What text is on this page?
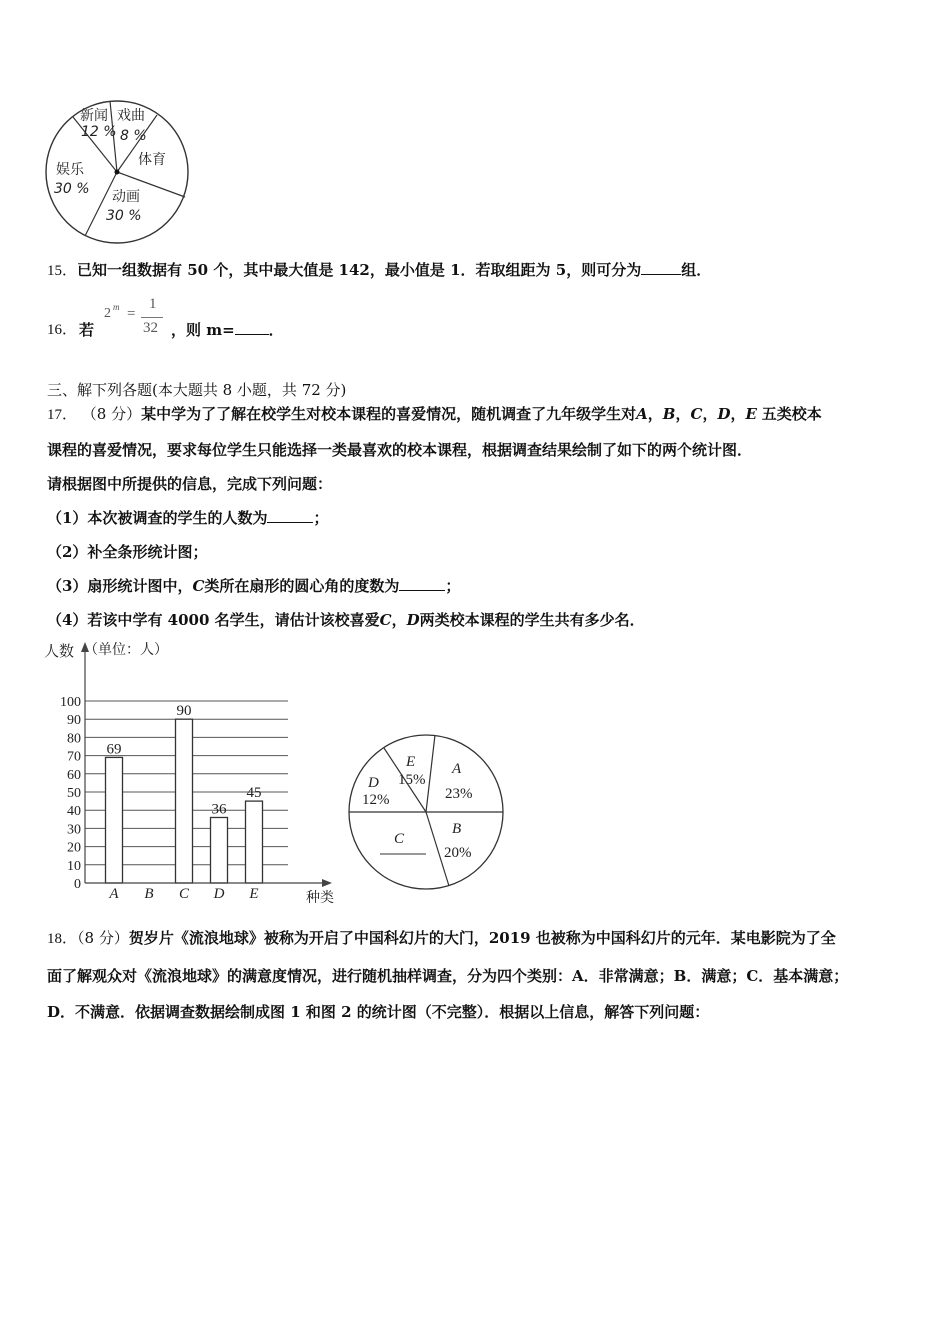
新闻
12 %
戏曲
8 %
体育
动画
30 %
娱乐
30 %
15．已知一组数据有 50 个，其中最大值是 142，最小值是 1．若取组距为 5，则可分为	组．
16． 若
2 m =
1
32 ，则 m= ．
三、解下列各题(本大题共 8 小题，共 72 分)
17． （8 分）某中学为了了解在校学生对校本课程的喜爱情况，随机调查了九年级学生对A，B，C，D，E 五类校本
课程的喜爱情况，要求每位学生只能选择一类最喜欢的校本课程，根据调查结果绘制了如下的两个统计图．
请根据图中所提供的信息，完成下列问题：
（1）本次被调查的学生的人数为	；
（2）补全条形统计图；
（3）扇形统计图中，C类所在扇形的圆心角的度数为	；
（4）若该中学有 4000 名学生，请估计该校喜爱C，D两类校本课程的学生共有多少名．
0
10
20
30
40
50
60
70
80
90
100
69
90
36
45
A B C D E
人数 （单位：人）
种类
A
23%
B
20%
C
D
12%
E
15%
18．（8 分）贺岁片《流浪地球》被称为开启了中国科幻片的大门，2019 也被称为中国科幻片的元年．某电影院为了全
面了解观众对《流浪地球》的满意度情况，进行随机抽样调查，分为四个类别：A．非常满意；B．满意；C．基本满意；
D．不满意．依据调查数据绘制成图 1 和图 2 的统计图（不完整）．根据以上信息，解答下列问题：
